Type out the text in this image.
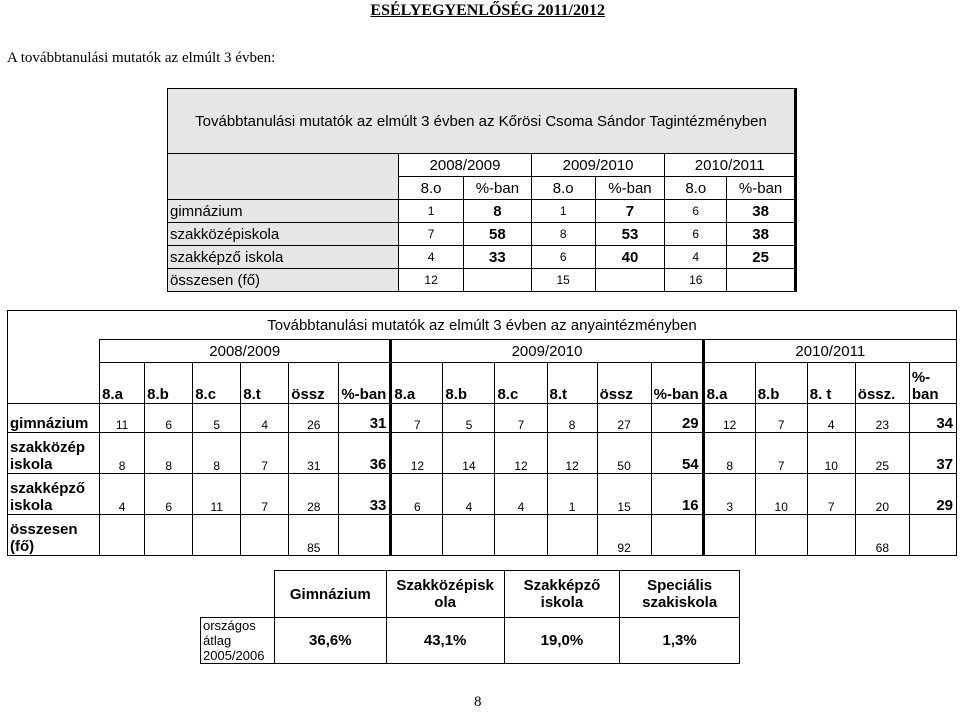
ESÉLYEGYENLŐSÉG 2011/2012
A továbbtanulási mutatók az elmúlt 3 évben:
Továbbtanulási mutatók az elmúlt 3 évben az Kőrösi Csoma Sándor Tagintézményben						
	2008/2009		2009/2010		2010/2011	
	8.o	%-ban	8.o	%-ban	8.o	%-ban
gimnázium	1	8	1	7	6	38
szakközépiskola	7	58	8	53	6	38
szakképző iskola	4	33	6	40	4	25
összesen (fő)	12		15		16	
Továbbtanulási mutatók az elmúlt 3 évben az anyaintézményben																	
	2008/2009						2009/2010						2010/2011				
	8.a	8.b	8.c	8.t	össz	%-ban	8.a	8.b	8.c	8.t	össz	%-ban	8.a	8.b	8. t	össz.	%-ban
gimnázium	11	6	5	4	26	31	7	5	7	8	27	29	12	7	4	23	34
szakközép iskola	8	8	8	7	31	36	12	14	12	12	50	54	8	7	10	25	37
szakképző iskola	4	6	11	7	28	33	6	4	4	1	15	16	3	10	7	20	29
összesen (fő)					85						92					68	
	Gimnázium	Szakközépisk ola	Szakképző iskola	Speciális szakiskola
országos átlag 2005/2006	36,6%	43,1%	19,0%	1,3%
8
